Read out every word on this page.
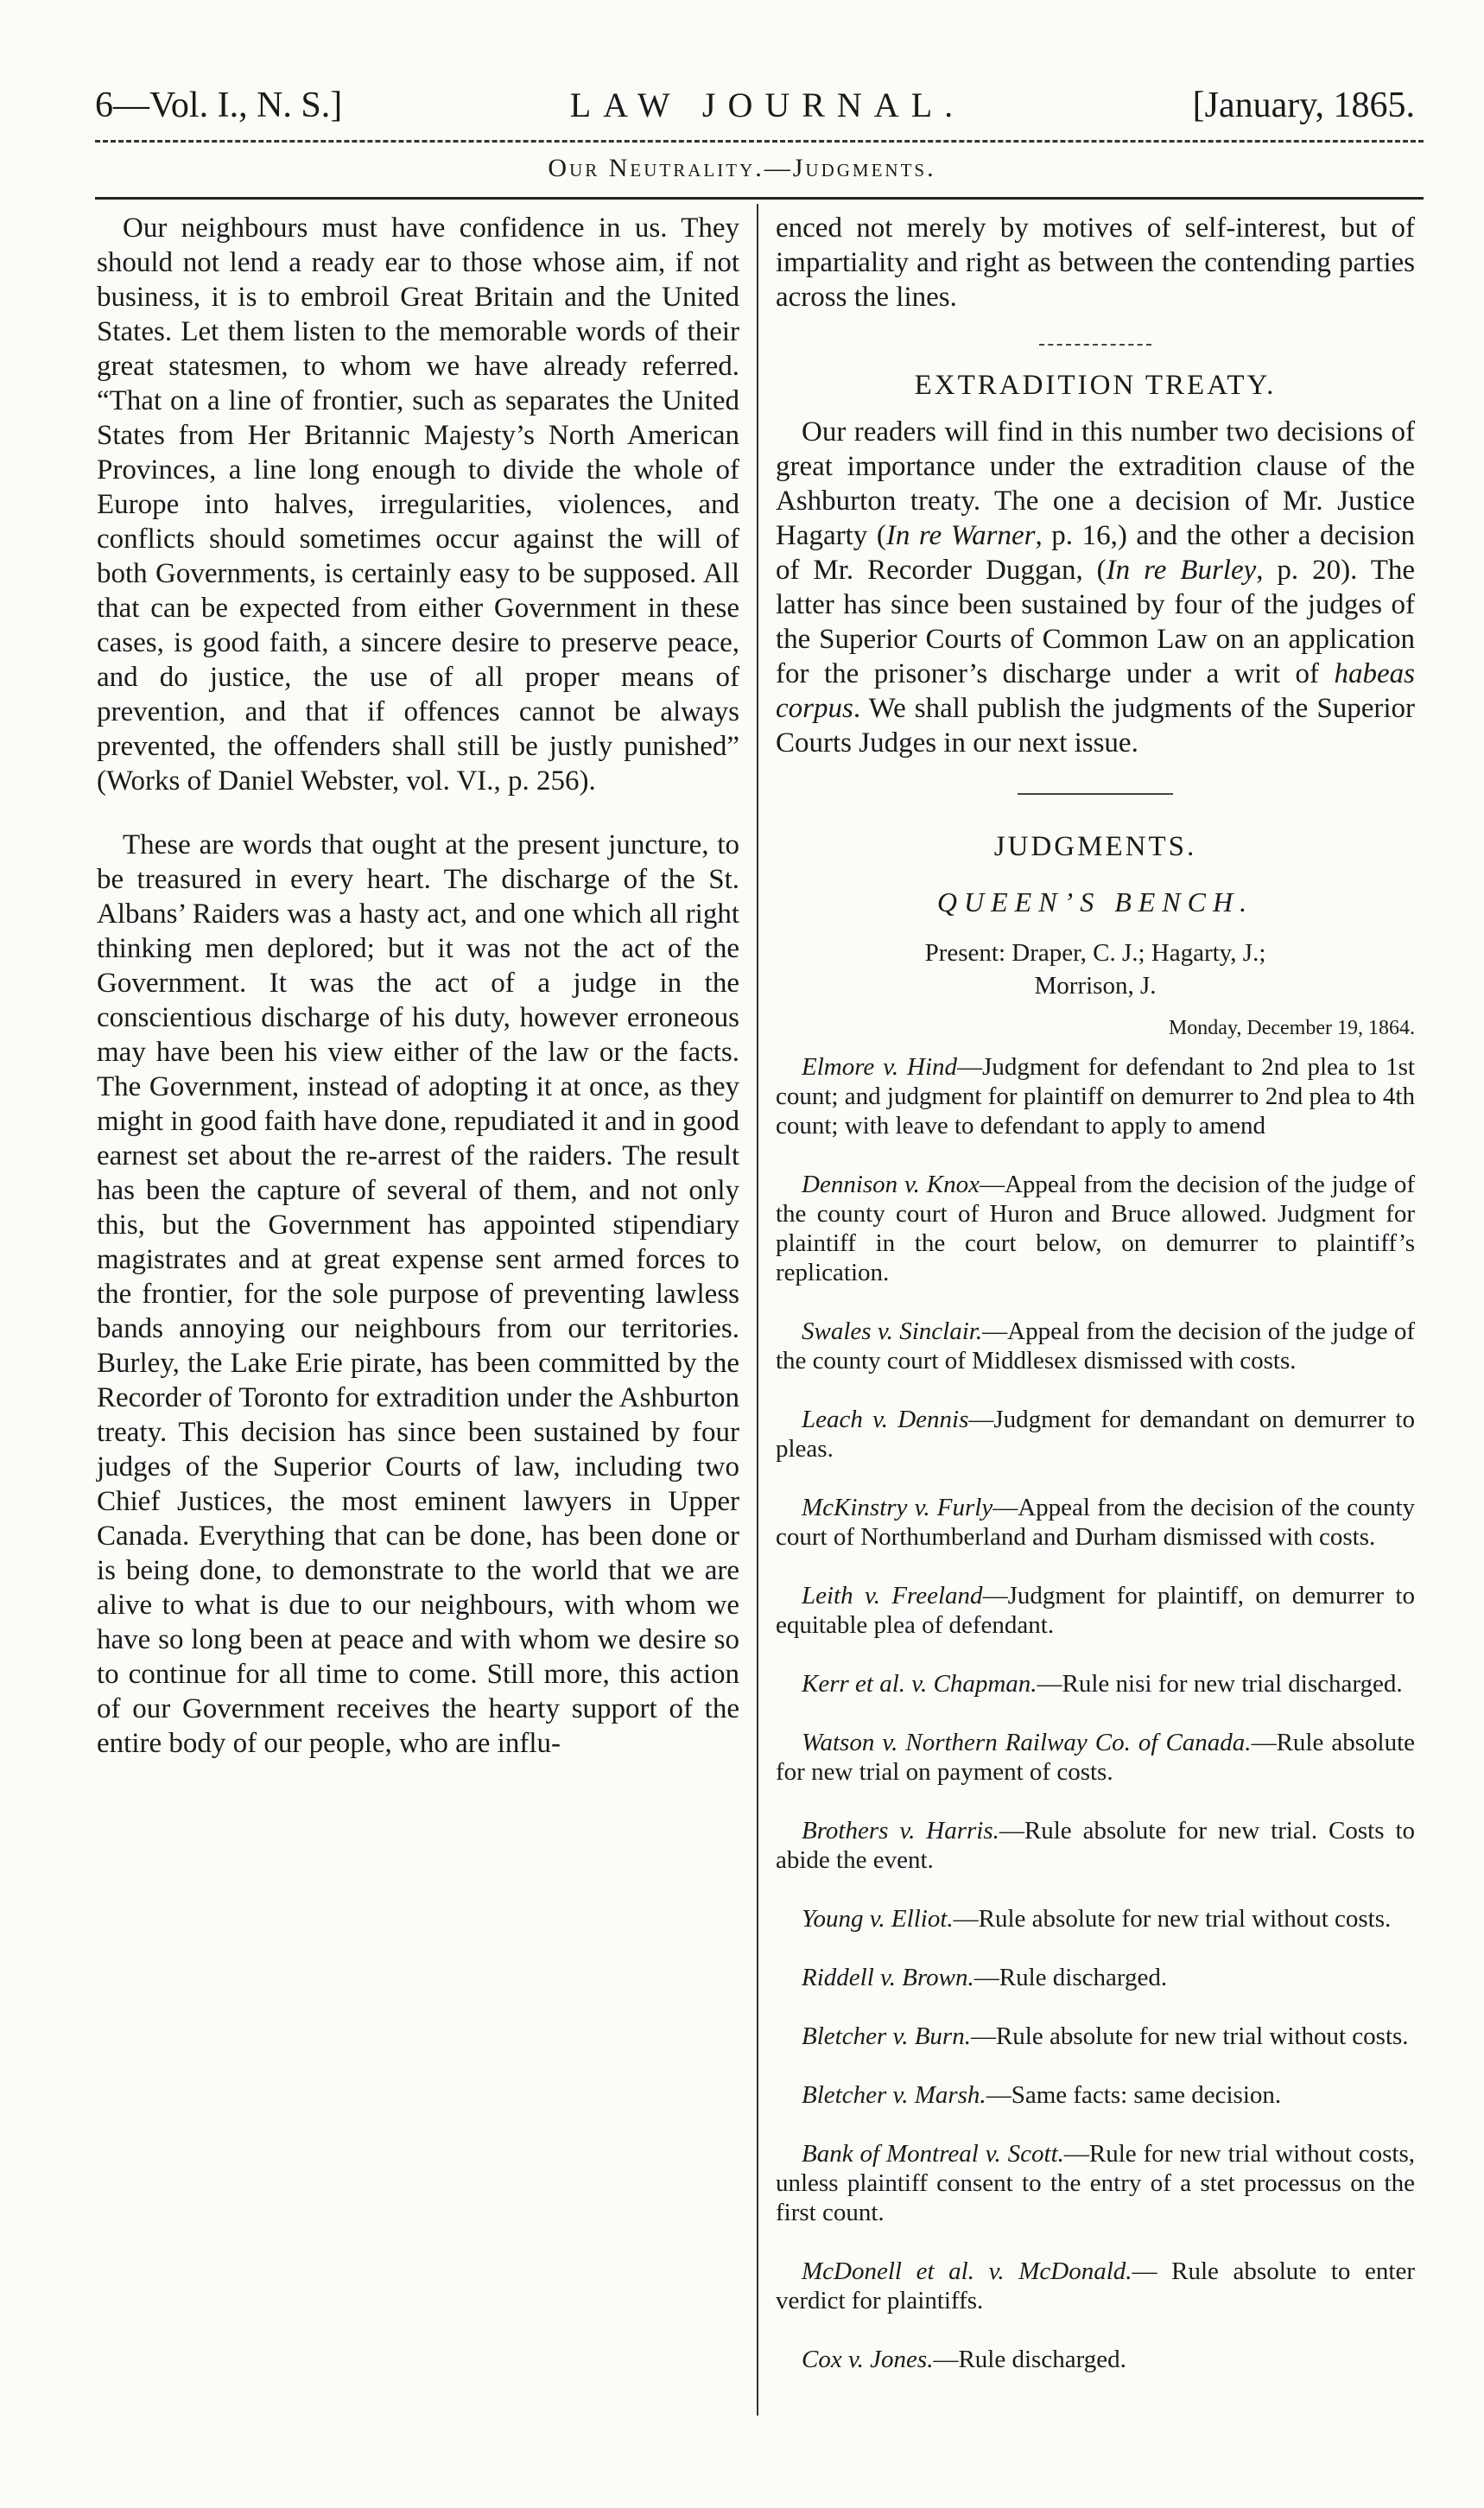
6—Vol. I., N. S.]	LAW JOURNAL.	[January, 1865.
Our Neutrality.—Judgments.

Our neighbours must have confidence in us. They should not lend a ready ear to those whose aim, if not business, it is to embroil Great Britain and the United States. Let them listen to the memorable words of their great statesmen, to whom we have already referred. “That on a line of frontier, such as separates the United States from Her Britannic Majesty’s North American Provinces, a line long enough to divide the whole of Europe into halves, irregularities, violences, and conflicts should sometimes occur against the will of both Governments, is certainly easy to be supposed. All that can be expected from either Government in these cases, is good faith, a sincere desire to preserve peace, and do justice, the use of all proper means of prevention, and that if offences cannot be always prevented, the offenders shall still be justly punished” (Works of Daniel Webster, vol. VI., p. 256).

These are words that ought at the present juncture, to be treasured in every heart. The discharge of the St. Albans’ Raiders was a hasty act, and one which all right thinking men deplored; but it was not the act of the Government. It was the act of a judge in the conscientious discharge of his duty, however erroneous may have been his view either of the law or the facts. The Government, instead of adopting it at once, as they might in good faith have done, repudiated it and in good earnest set about the re-arrest of the raiders. The result has been the capture of several of them, and not only this, but the Government has appointed stipendiary magistrates and at great expense sent armed forces to the frontier, for the sole purpose of preventing lawless bands annoying our neighbours from our territories. Burley, the Lake Erie pirate, has been committed by the Recorder of Toronto for extradition under the Ashburton treaty. This decision has since been sustained by four judges of the Superior Courts of law, including two Chief Justices, the most eminent lawyers in Upper Canada. Everything that can be done, has been done or is being done, to demonstrate to the world that we are alive to what is due to our neighbours, with whom we have so long been at peace and with whom we desire so to continue for all time to come. Still more, this action of our Government receives the hearty support of the entire body of our people, who are influ-

enced not merely by motives of self-interest, but of impartiality and right as between the contending parties across the lines.

EXTRADITION TREATY.

Our readers will find in this number two decisions of great importance under the extradition clause of the Ashburton treaty. The one a decision of Mr. Justice Hagarty (In re Warner, p. 16,) and the other a decision of Mr. Recorder Duggan, (In re Burley, p. 20). The latter has since been sustained by four of the judges of the Superior Courts of Common Law on an application for the prisoner’s discharge under a writ of habeas corpus. We shall publish the judgments of the Superior Courts Judges in our next issue.

JUDGMENTS.
QUEEN’S BENCH.
Present: Draper, C. J.; Hagarty, J.;
Morrison, J.
Monday, December 19, 1864.

Elmore v. Hind—Judgment for defendant to 2nd plea to 1st count; and judgment for plaintiff on demurrer to 2nd plea to 4th count; with leave to defendant to apply to amend

Dennison v. Knox—Appeal from the decision of the judge of the county court of Huron and Bruce allowed. Judgment for plaintiff in the court below, on demurrer to plaintiff’s replication.

Swales v. Sinclair.—Appeal from the decision of the judge of the county court of Middlesex dismissed with costs.

Leach v. Dennis—Judgment for demandant on demurrer to pleas.

McKinstry v. Furly—Appeal from the decision of the county court of Northumberland and Durham dismissed with costs.

Leith v. Freeland—Judgment for plaintiff, on demurrer to equitable plea of defendant.

Kerr et al. v. Chapman.—Rule nisi for new trial discharged.

Watson v. Northern Railway Co. of Canada.—Rule absolute for new trial on payment of costs.

Brothers v. Harris.—Rule absolute for new trial. Costs to abide the event.

Young v. Elliot.—Rule absolute for new trial without costs.

Riddell v. Brown.—Rule discharged.

Bletcher v. Burn.—Rule absolute for new trial without costs.

Bletcher v. Marsh.—Same facts: same decision.

Bank of Montreal v. Scott.—Rule for new trial without costs, unless plaintiff consent to the entry of a stet processus on the first count.

McDonell et al. v. McDonald.— Rule absolute to enter verdict for plaintiffs.

Cox v. Jones.—Rule discharged.
